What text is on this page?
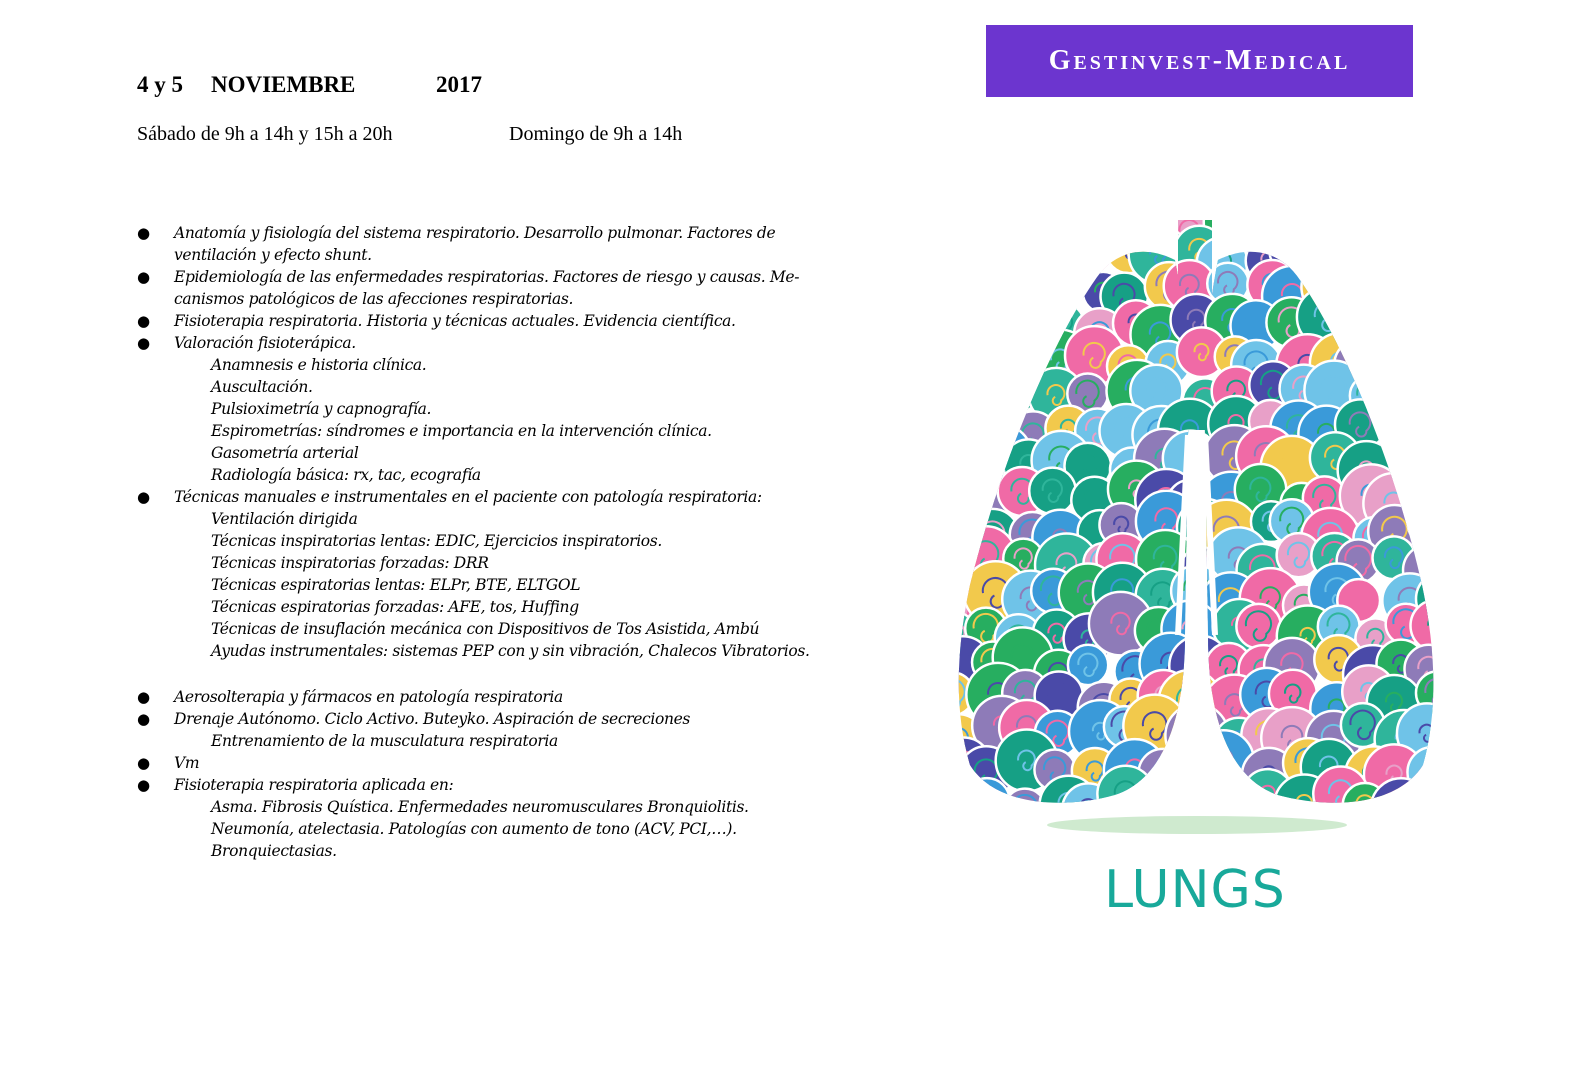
4 y 5

NOVIEMBRE

	2017

Sábado de 9h a 14h y 15h a 20h	Domingo de 9h a 14h
Gestinvest-Medical
● Anatomía y fisiología del sistema respiratorio. Desarrollo pulmonar. Factores de
ventilación y efecto shunt.
● Epidemiología de las enfermedades respiratorias. Factores de riesgo y causas. Me-
canismos patológicos de las afecciones respiratorias.
● Fisioterapia respiratoria. Historia y técnicas actuales. Evidencia científica.
● Valoración fisioterápica.
Anamnesis e historia clínica.
Auscultación.
Pulsioximetría y capnografía.
Espirometrías: síndromes e importancia en la intervención clínica.
Gasometría arterial
Radiología básica: rx, tac, ecografía
● Técnicas manuales e instrumentales en el paciente con patología respiratoria:
Ventilación dirigida
Técnicas inspiratorias lentas: EDIC, Ejercicios inspiratorios.
Técnicas inspiratorias forzadas: DRR
Técnicas espiratorias lentas: ELPr, BTE, ELTGOL
Técnicas espiratorias forzadas: AFE, tos, Huffing
Técnicas de insuflación mecánica con Dispositivos de Tos Asistida, Ambú
Ayudas instrumentales: sistemas PEP con y sin vibración, Chalecos Vibratorios.
● Aerosolterapia y fármacos en patología respiratoria
● Drenaje Autónomo. Ciclo Activo. Buteyko. Aspiración de secreciones
Entrenamiento de la musculatura respiratoria
● Vm
● Fisioterapia respiratoria aplicada en:
Asma. Fibrosis Quística. Enfermedades neuromusculares Bronquiolitis.
Neumonía, atelectasia. Patologías con aumento de tono (ACV, PCI,…).
Bronquiectasias.
LUNGS
